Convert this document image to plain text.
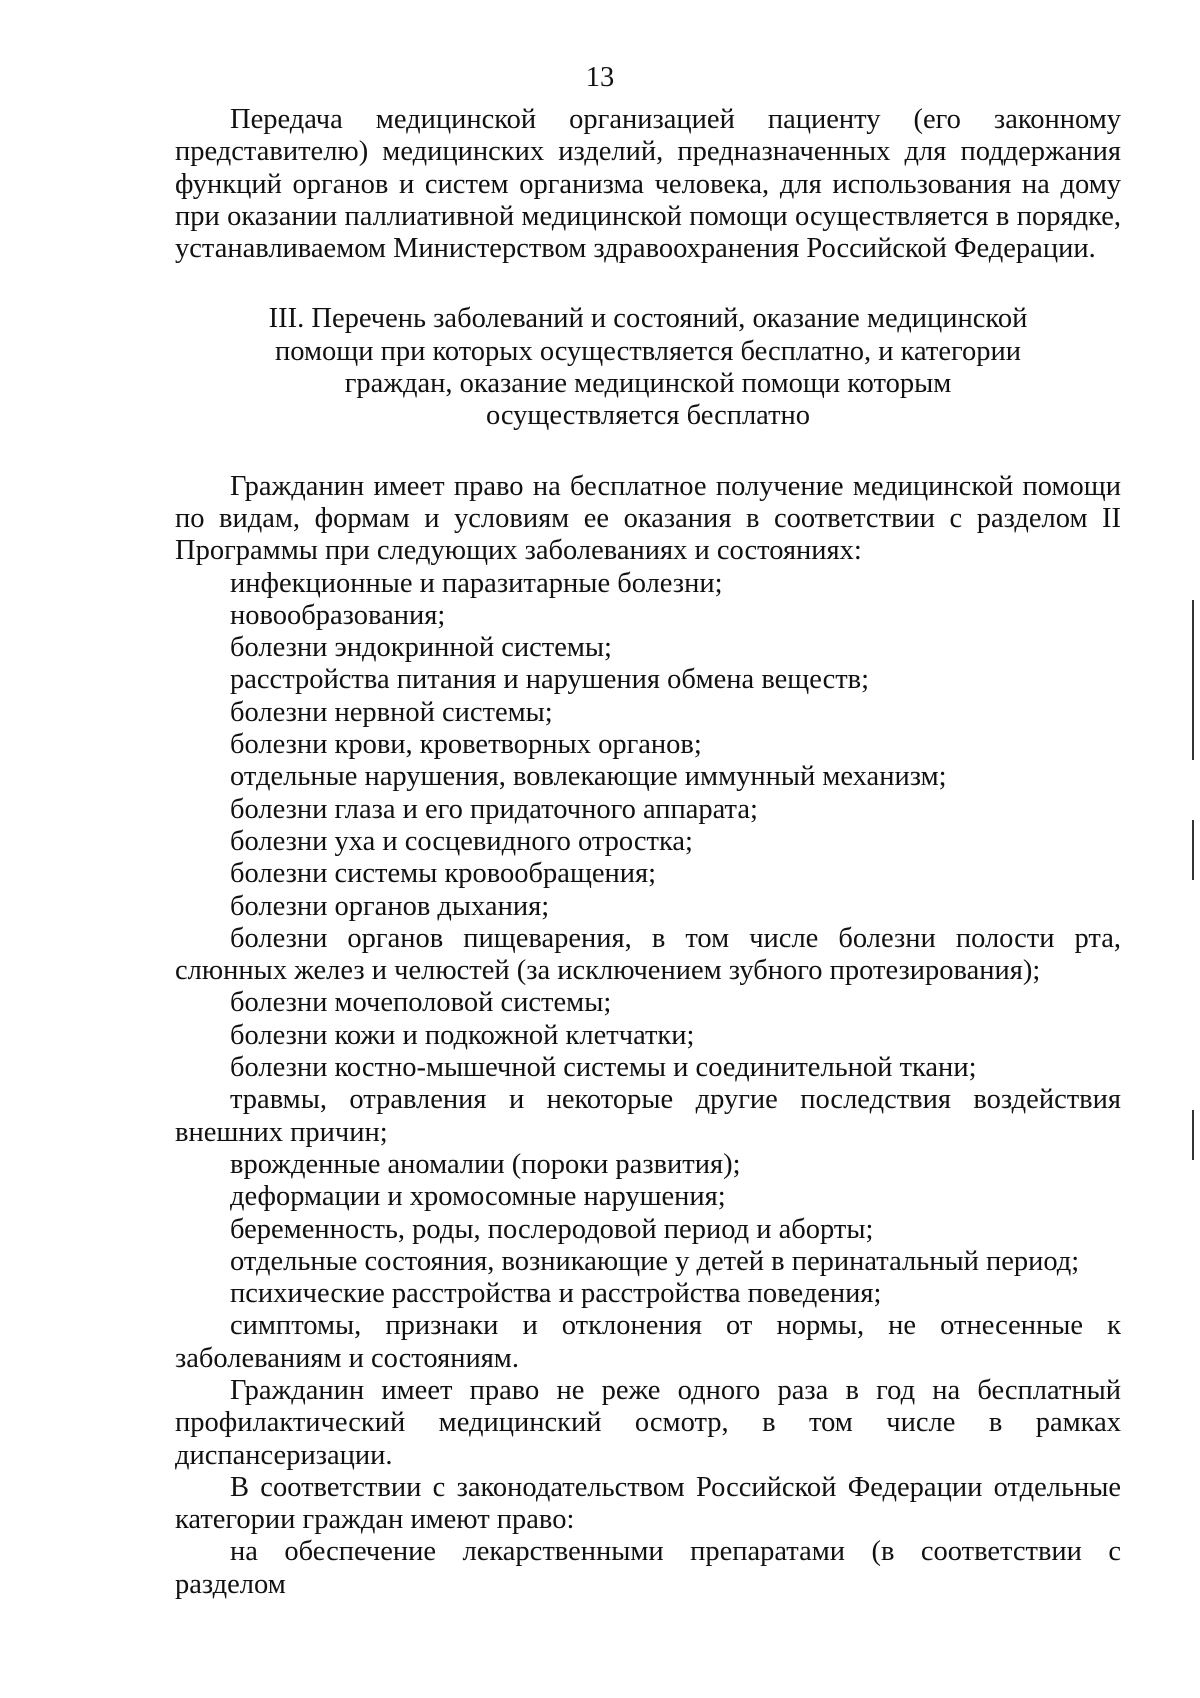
13

Передача медицинской организацией пациенту (его законному представителю) медицинских изделий, предназначенных для поддержания функций органов и систем организма человека, для использования на дому при оказании паллиативной медицинской помощи осуществляется в порядке, устанавливаемом Министерством здравоохранения Российской Федерации.

III. Перечень заболеваний и состояний, оказание медицинской
помощи при которых осуществляется бесплатно, и категории
граждан, оказание медицинской помощи которым
осуществляется бесплатно

Гражданин имеет право на бесплатное получение медицинской помощи по видам, формам и условиям ее оказания в соответствии с разделом II Программы при следующих заболеваниях и состояниях:

инфекционные и паразитарные болезни;
новообразования;
болезни эндокринной системы;
расстройства питания и нарушения обмена веществ;
болезни нервной системы;
болезни крови, кроветворных органов;
отдельные нарушения, вовлекающие иммунный механизм;
болезни глаза и его придаточного аппарата;
болезни уха и сосцевидного отростка;
болезни системы кровообращения;
болезни органов дыхания;
болезни органов пищеварения, в том числе болезни полости рта, слюнных желез и челюстей (за исключением зубного протезирования);
болезни мочеполовой системы;
болезни кожи и подкожной клетчатки;
болезни костно-мышечной системы и соединительной ткани;
травмы, отравления и некоторые другие последствия воздействия внешних причин;
врожденные аномалии (пороки развития);
деформации и хромосомные нарушения;
беременность, роды, послеродовой период и аборты;
отдельные состояния, возникающие у детей в перинатальный период;
психические расстройства и расстройства поведения;
симптомы, признаки и отклонения от нормы, не отнесенные к заболеваниям и состояниям.

Гражданин имеет право не реже одного раза в год на бесплатный профилактический медицинский осмотр, в том числе в рамках диспансеризации.

В соответствии с законодательством Российской Федерации отдельные категории граждан имеют право:

на обеспечение лекарственными препаратами (в соответствии с разделом
